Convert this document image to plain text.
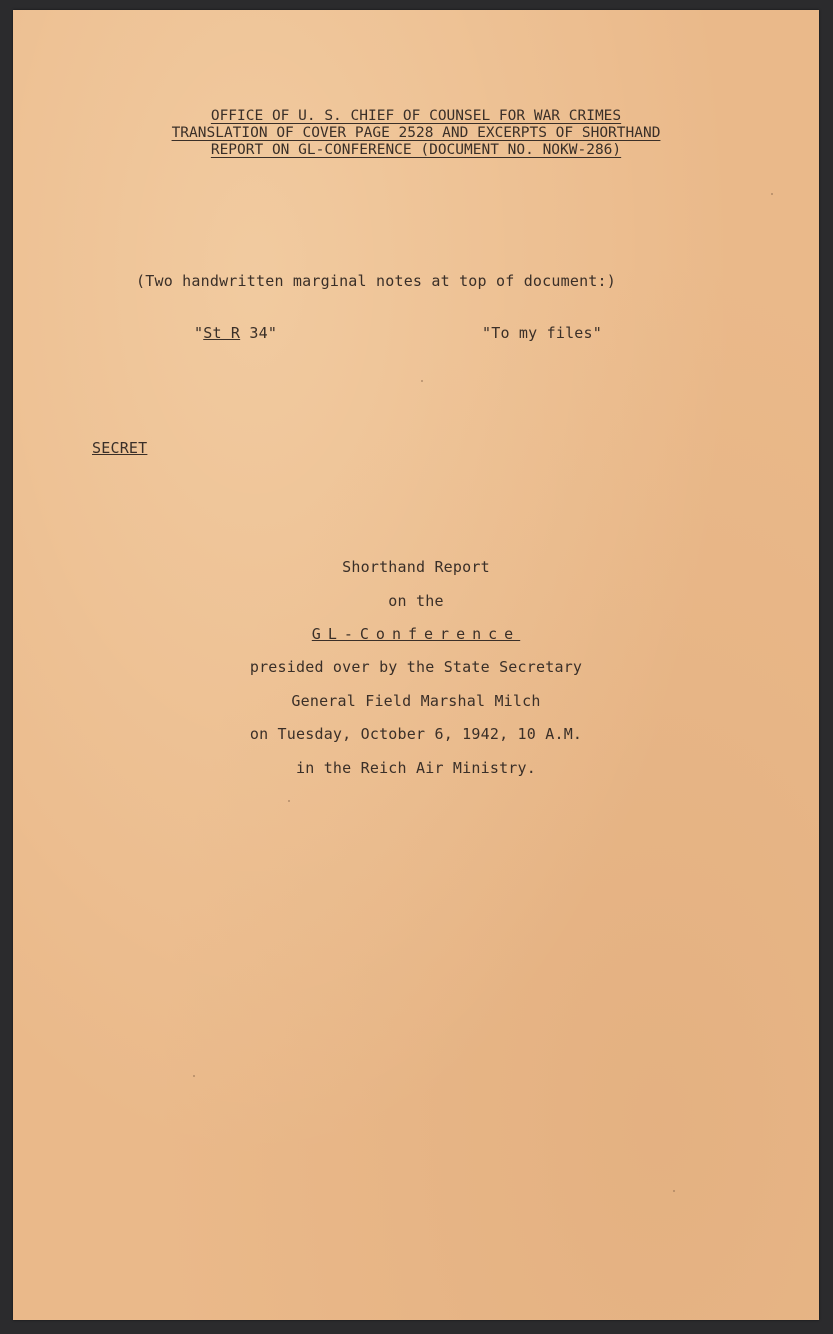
OFFICE OF U. S. CHIEF OF COUNSEL FOR WAR CRIMES
TRANSLATION OF COVER PAGE 2528 AND EXCERPTS OF SHORTHAND
REPORT ON GL-CONFERENCE (DOCUMENT NO. NOKW-286)
(Two handwritten marginal notes at top of document:)
"St R 34"	"To my files"
SECRET
Shorthand Report
on the
GL-Conference
presided over by the State Secretary
General Field Marshal Milch
on Tuesday, October 6, 1942, 10 A.M.
in the Reich Air Ministry.
